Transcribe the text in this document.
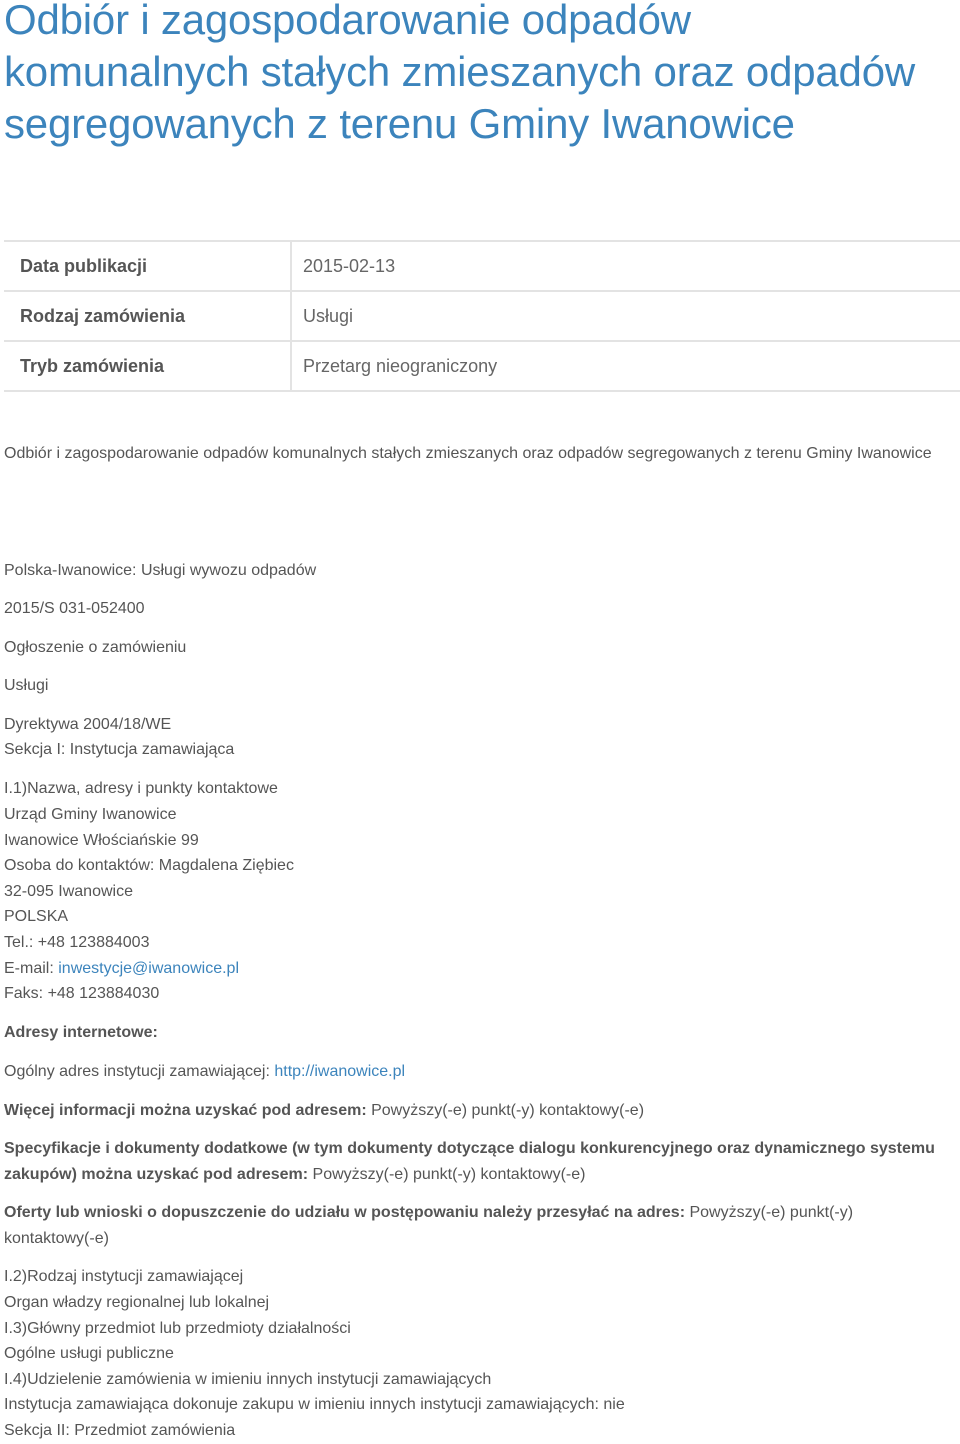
Odbiór i zagospodarowanie odpadów komunalnych stałych zmieszanych oraz odpadów segregowanych z terenu Gminy Iwanowice
Data publikacji	2015-02-13
Rodzaj zamówienia	Usługi
Tryb zamówienia	Przetarg nieograniczony

Odbiór i zagospodarowanie odpadów komunalnych stałych zmieszanych oraz odpadów segregowanych z terenu Gminy Iwanowice

Polska-Iwanowice: Usługi wywozu odpadów

2015/S 031-052400

Ogłoszenie o zamówieniu

Usługi

Dyrektywa 2004/18/WE

Sekcja I: Instytucja zamawiająca

I.1)Nazwa, adresy i punkty kontaktowe

Urząd Gminy Iwanowice

Iwanowice Włościańskie 99

Osoba do kontaktów: Magdalena Ziębiec

32-095 Iwanowice

POLSKA

Tel.: +48 123884003

E-mail: inwestycje@iwanowice.pl

Faks: +48 123884030

Adresy internetowe:

Ogólny adres instytucji zamawiającej: http://iwanowice.pl

Więcej informacji można uzyskać pod adresem: Powyższy(-e) punkt(-y) kontaktowy(-e)

Specyfikacje i dokumenty dodatkowe (w tym dokumenty dotyczące dialogu konkurencyjnego oraz dynamicznego systemu zakupów) można uzyskać pod adresem: Powyższy(-e) punkt(-y) kontaktowy(-e)

Oferty lub wnioski o dopuszczenie do udziału w postępowaniu należy przesyłać na adres: Powyższy(-e) punkt(-y) kontaktowy(-e)

I.2)Rodzaj instytucji zamawiającej

Organ władzy regionalnej lub lokalnej

I.3)Główny przedmiot lub przedmioty działalności

Ogólne usługi publiczne

I.4)Udzielenie zamówienia w imieniu innych instytucji zamawiających

Instytucja zamawiająca dokonuje zakupu w imieniu innych instytucji zamawiających: nie

Sekcja II: Przedmiot zamówienia
